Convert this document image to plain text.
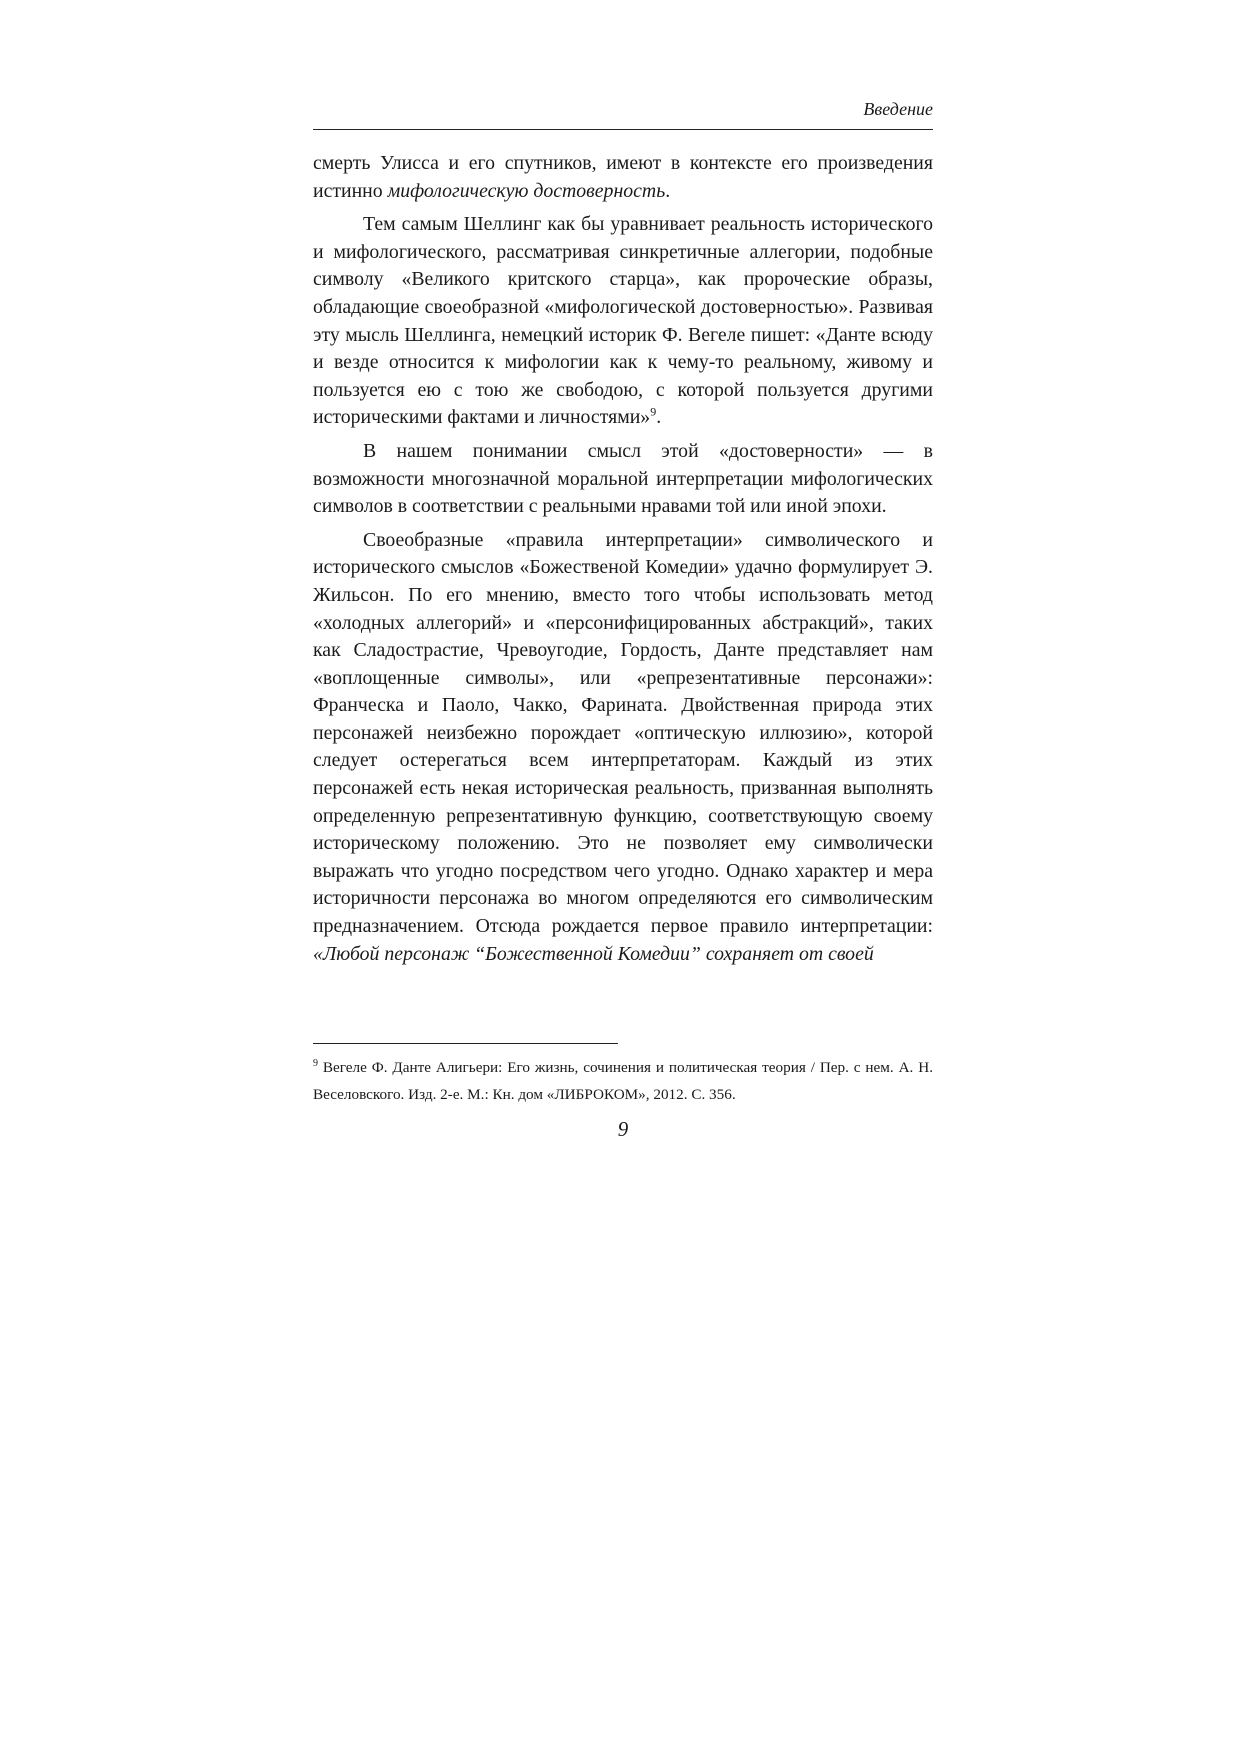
Введение

смерть Улисса и его спутников, имеют в контексте его произведения истинно мифологическую достоверность.

Тем самым Шеллинг как бы уравнивает реальность исторического и мифологического, рассматривая синкретичные аллегории, подобные символу «Великого критского старца», как пророческие образы, обладающие своеобразной «мифологической достоверностью». Развивая эту мысль Шеллинга, немецкий историк Ф. Вегеле пишет: «Данте всюду и везде относится к мифологии как к чему-то реальному, живому и пользуется ею с тою же свободою, с которой пользуется другими историческими фактами и личностями»$^9$.

В нашем понимании смысл этой «достоверности» — в возможности многозначной моральной интерпретации мифологических символов в соответствии с реальными нравами той или иной эпохи.

Своеобразные «правила интерпретации» символического и исторического смыслов «Божественой Комедии» удачно формулирует Э. Жильсон. По его мнению, вместо того чтобы использовать метод «холодных аллегорий» и «персонифицированных абстракций», таких как Сладострастие, Чревоугодие, Гордость, Данте представляет нам «воплощенные символы», или «репрезентативные персонажи»: Франческа и Паоло, Чакко, Фарината. Двойственная природа этих персонажей неизбежно порождает «оптическую иллюзию», которой следует остерегаться всем интерпретаторам. Каждый из этих персонажей есть некая историческая реальность, призванная выполнять определенную репрезентативную функцию, соответствующую своему историческому положению. Это не позволяет ему символически выражать что угодно посредством чего угодно. Однако характер и мера историчности персонажа во многом определяются его символическим предназначением. Отсюда рождается первое правило интерпретации: «Любой персонаж “Божественной Комедии” сохраняет от своей

$^9$ Вегеле Ф. Данте Алигьери: Его жизнь, сочинения и политическая теория / Пер. с нем. А. Н. Веселовского. Изд. 2-е. М.: Кн. дом «ЛИБРОКОМ», 2012. С. 356.
9
